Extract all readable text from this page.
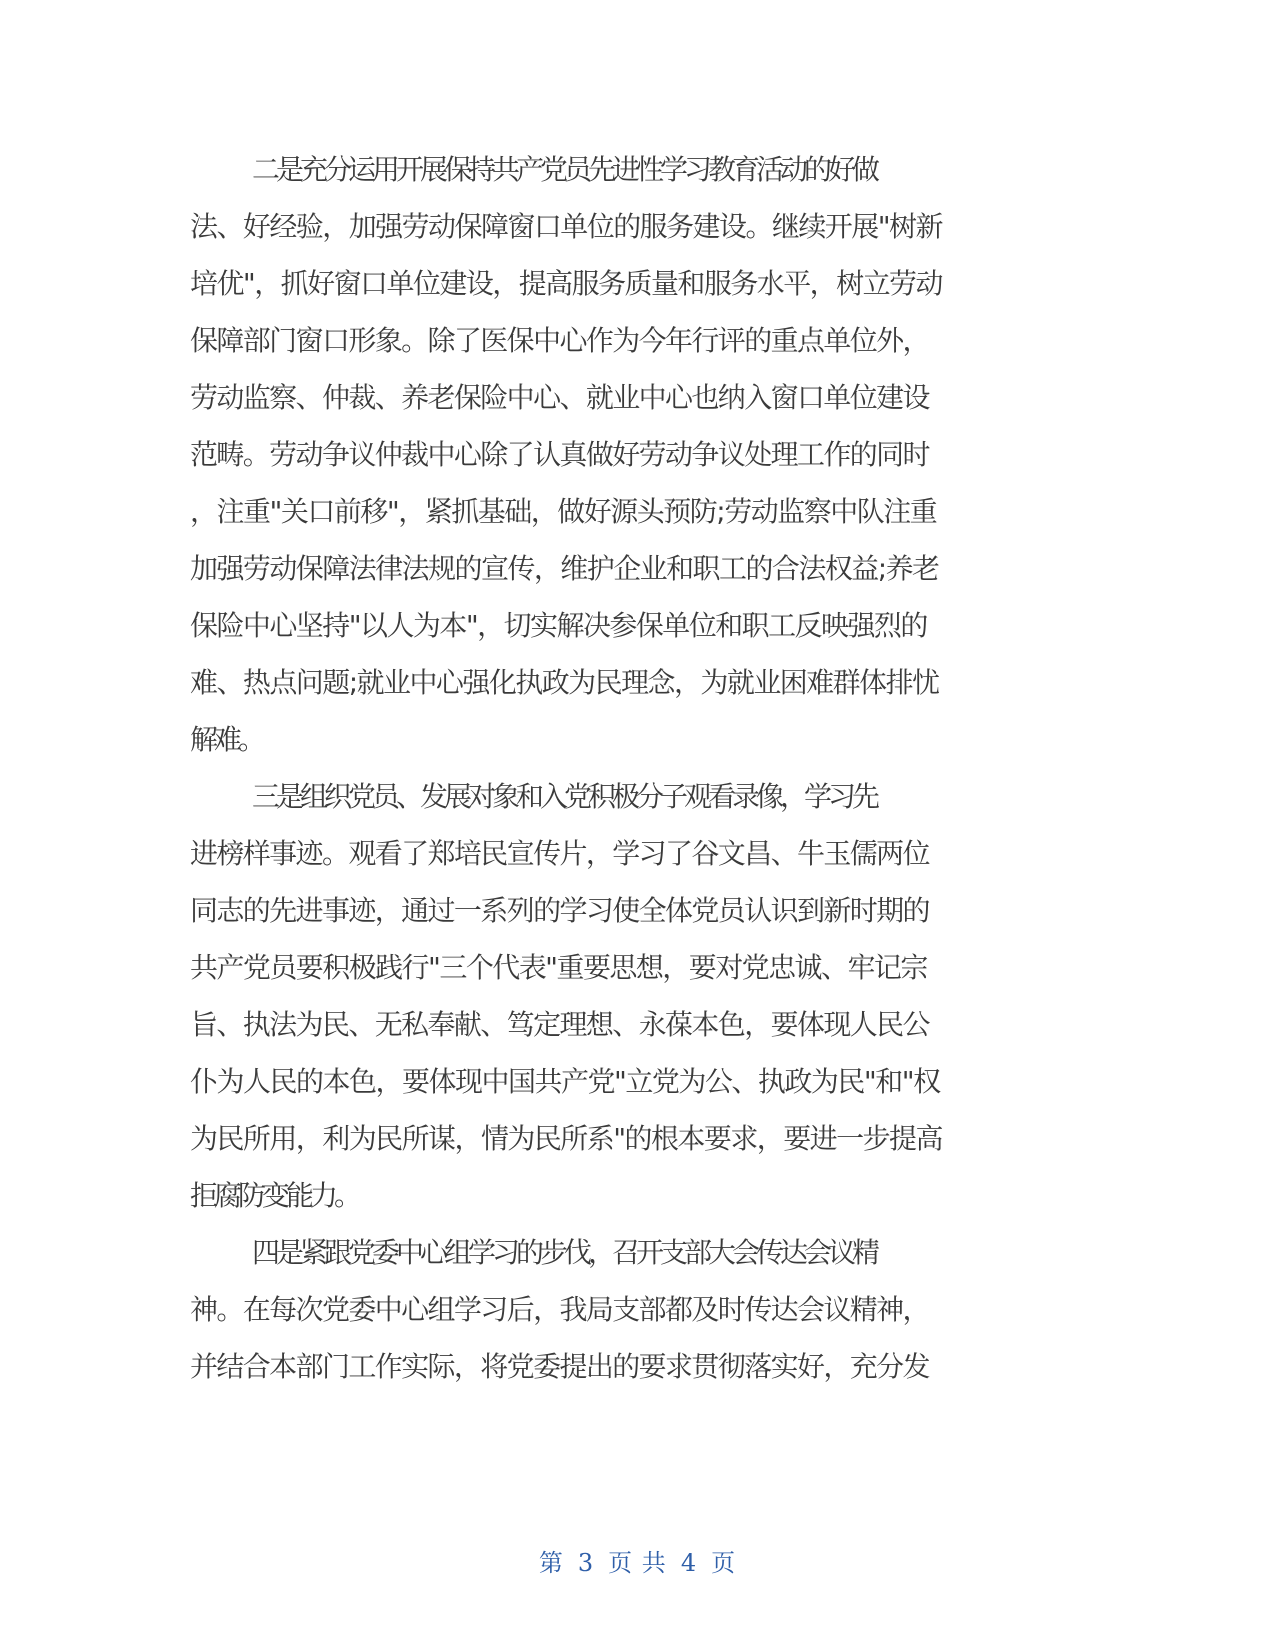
二是充分运用开展保持共产党员先进性学习教育活动的好做

法、好经验，加强劳动保障窗口单位的服务建设。继续开展"树新

培优"，抓好窗口单位建设，提高服务质量和服务水平，树立劳动

保障部门窗口形象。除了医保中心作为今年行评的重点单位外，

劳动监察、仲裁、养老保险中心、就业中心也纳入窗口单位建设

范畴。劳动争议仲裁中心除了认真做好劳动争议处理工作的同时

，注重"关口前移"，紧抓基础，做好源头预防;劳动监察中队注重

加强劳动保障法律法规的宣传，维护企业和职工的合法权益;养老

保险中心坚持"以人为本"，切实解决参保单位和职工反映强烈的

难、热点问题;就业中心强化执政为民理念，为就业困难群体排忧

解难。

三是组织党员、发展对象和入党积极分子观看录像，学习先

进榜样事迹。观看了郑培民宣传片，学习了谷文昌、牛玉儒两位

同志的先进事迹，通过一系列的学习使全体党员认识到新时期的

共产党员要积极践行"三个代表"重要思想，要对党忠诚、牢记宗

旨、执法为民、无私奉献、笃定理想、永葆本色，要体现人民公

仆为人民的本色，要体现中国共产党"立党为公、执政为民"和"权

为民所用，利为民所谋，情为民所系"的根本要求，要进一步提高

拒腐防变能力。

四是紧跟党委中心组学习的步伐，召开支部大会传达会议精

神。在每次党委中心组学习后，我局支部都及时传达会议精神，

并结合本部门工作实际，将党委提出的要求贯彻落实好，充分发

第 3 页 共 4 页
